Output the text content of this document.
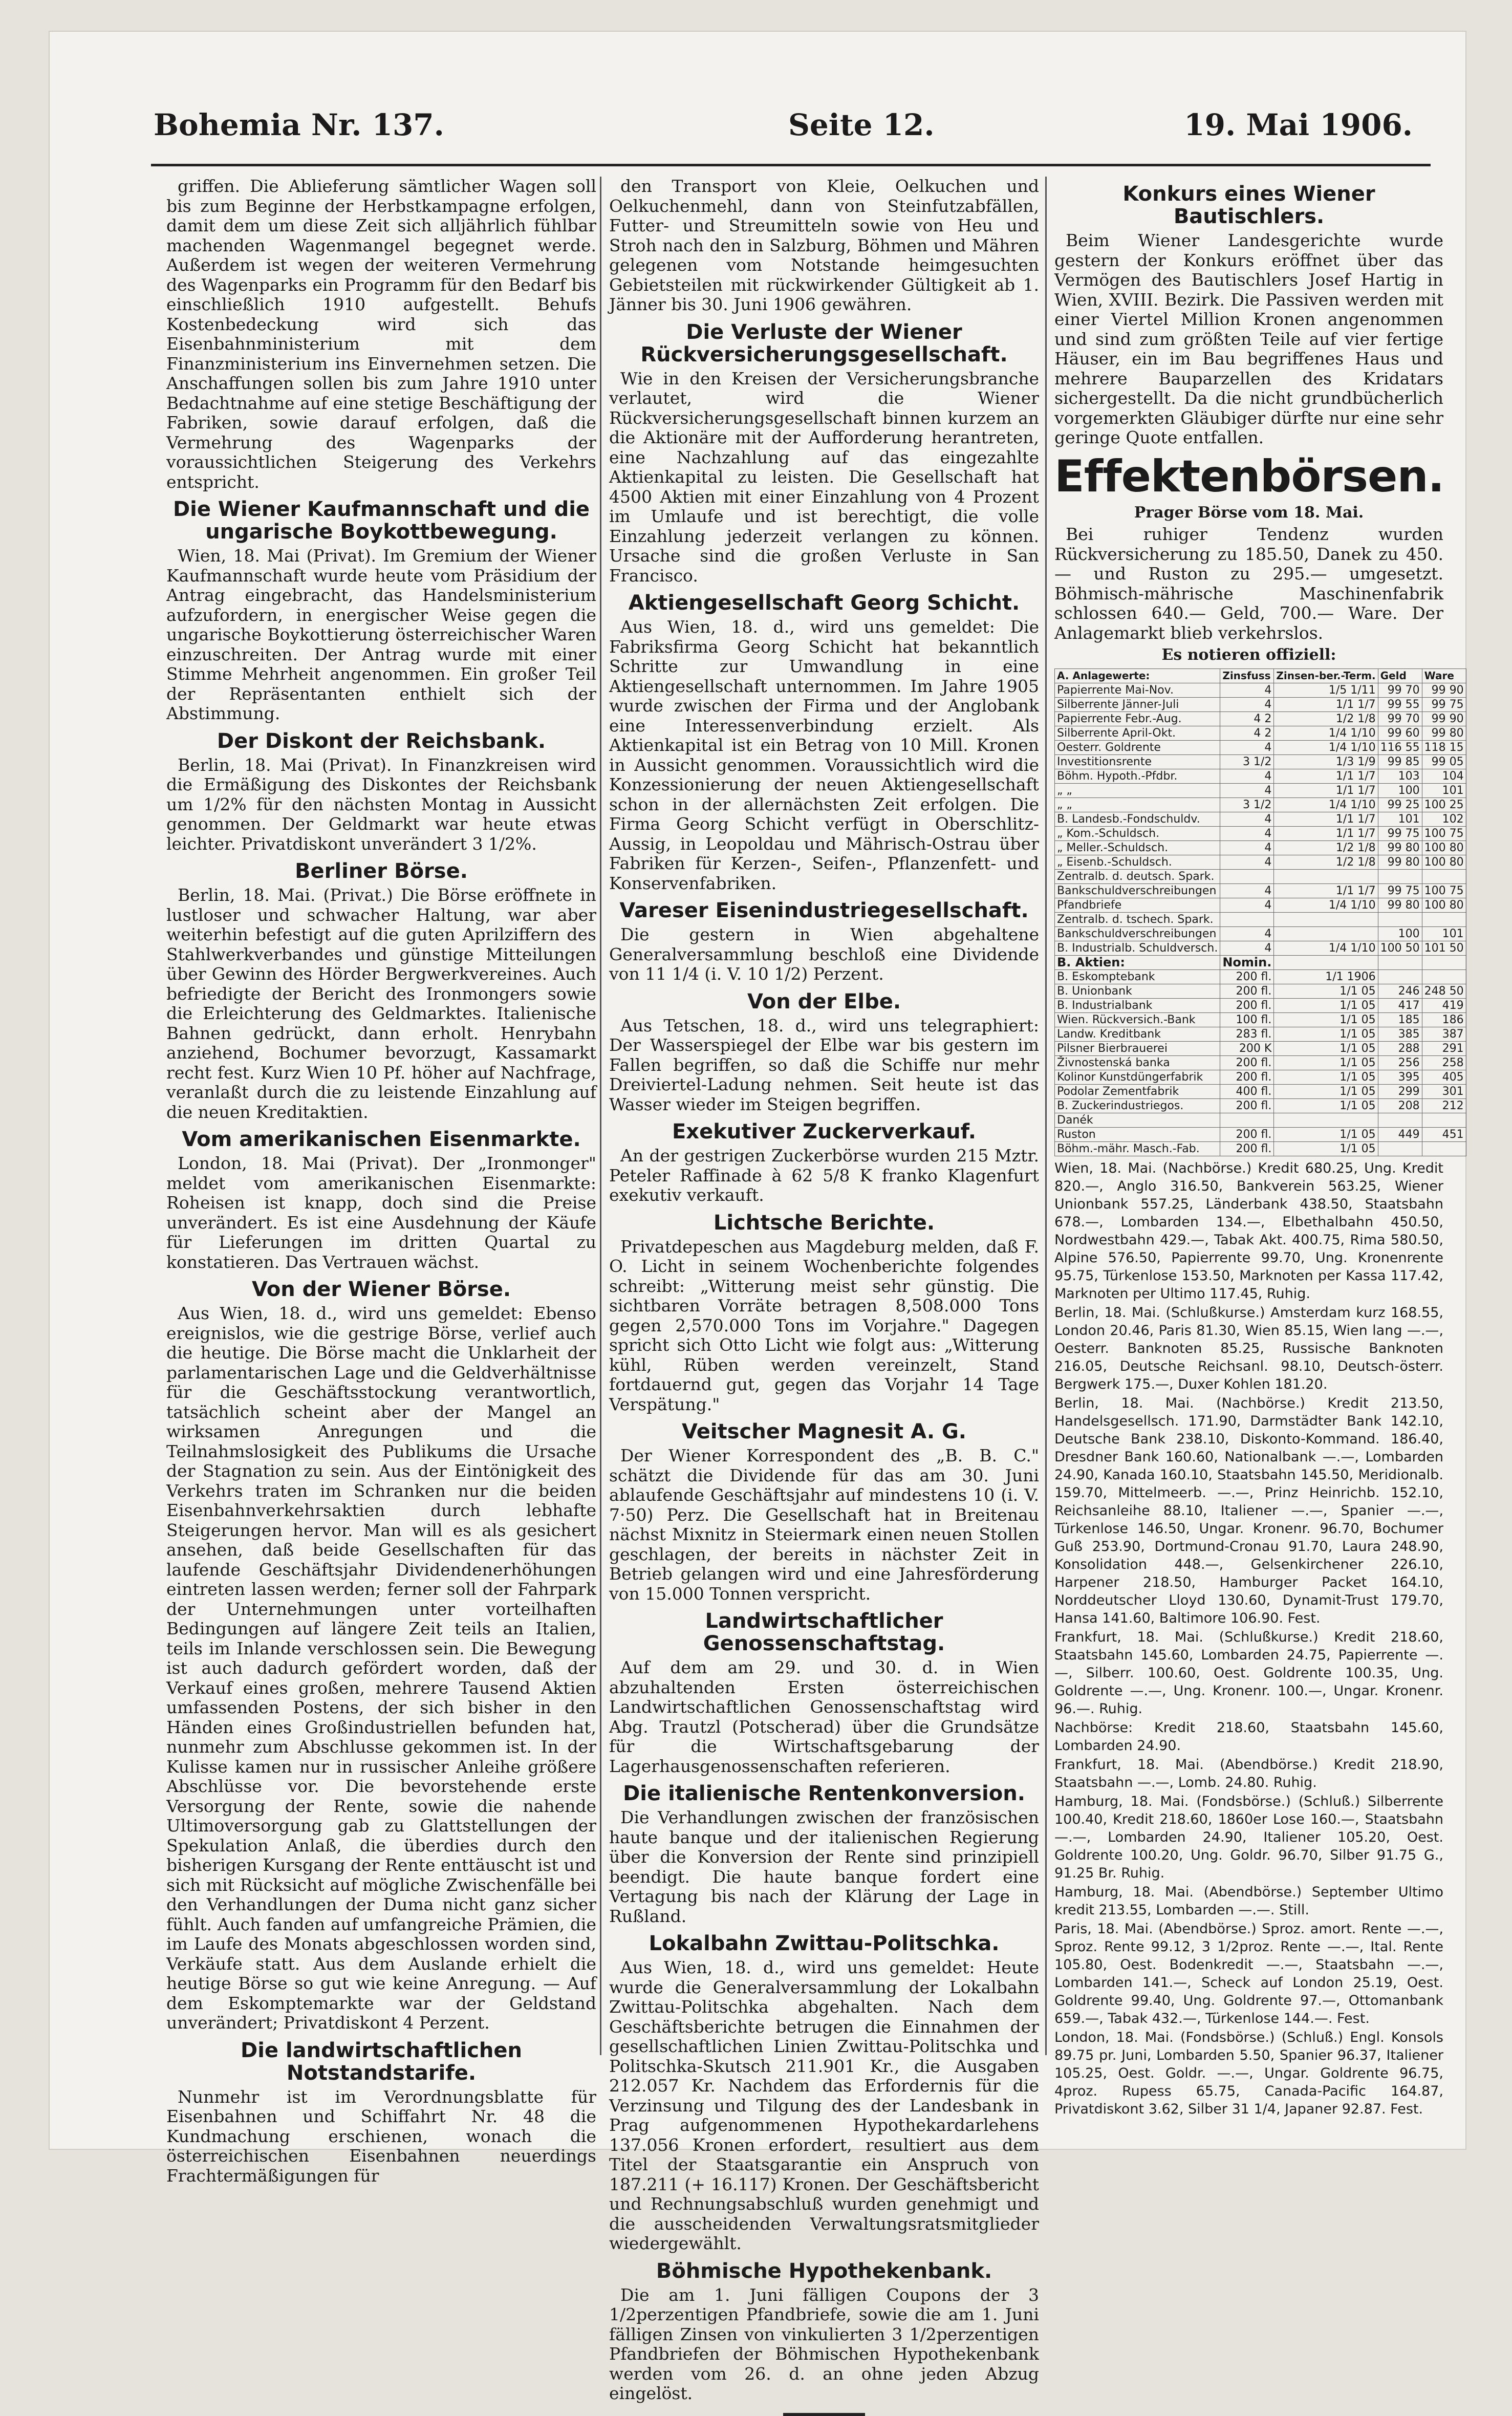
Bohemia Nr. 137.	Seite 12.	19. Mai 1906.

griffen. Die Ablieferung sämtlicher Wagen soll bis zum Beginne der Herbstkampagne erfolgen, damit dem um diese Zeit sich alljährlich fühlbar machenden Wagenmangel begegnet werde. Außerdem ist wegen der weiteren Vermehrung des Wagenparks ein Programm für den Bedarf bis einschließlich 1910 aufgestellt. Behufs Kostenbedeckung wird sich das Eisenbahnministerium mit dem Finanzministerium ins Einvernehmen setzen. Die Anschaffungen sollen bis zum Jahre 1910 unter Bedachtnahme auf eine stetige Beschäftigung der Fabriken, sowie darauf erfolgen, daß die Vermehrung des Wagenparks der voraussichtlichen Steigerung des Verkehrs entspricht.

Die Wiener Kaufmannschaft und die ungarische Boykottbewegung.

Wien, 18. Mai (Privat). Im Gremium der Wiener Kaufmannschaft wurde heute vom Präsidium der Antrag eingebracht, das Handelsministerium aufzufordern, in energischer Weise gegen die ungarische Boykottierung österreichischer Waren einzuschreiten. Der Antrag wurde mit einer Stimme Mehrheit angenommen. Ein großer Teil der Repräsentanten enthielt sich der Abstimmung.

Der Diskont der Reichsbank.

Berlin, 18. Mai (Privat). In Finanzkreisen wird die Ermäßigung des Diskontes der Reichsbank um 1/2% für den nächsten Montag in Aussicht genommen. Der Geldmarkt war heute etwas leichter. Privatdiskont unverändert 3 1/2%.

Berliner Börse.

Berlin, 18. Mai. (Privat.) Die Börse eröffnete in lustloser und schwacher Haltung, war aber weiterhin befestigt auf die guten Aprilziffern des Stahlwerkverbandes und günstige Mitteilungen über Gewinn des Hörder Bergwerkvereines. Auch befriedigte der Bericht des Ironmongers sowie die Erleichterung des Geldmarktes. Italienische Bahnen gedrückt, dann erholt. Henrybahn anziehend, Bochumer bevorzugt, Kassamarkt recht fest. Kurz Wien 10 Pf. höher auf Nachfrage, veranlaßt durch die zu leistende Einzahlung auf die neuen Kreditaktien.

Vom amerikanischen Eisenmarkte.

London, 18. Mai (Privat). Der „Ironmonger" meldet vom amerikanischen Eisenmarkte: Roheisen ist knapp, doch sind die Preise unverändert. Es ist eine Ausdehnung der Käufe für Lieferungen im dritten Quartal zu konstatieren. Das Vertrauen wächst.

Von der Wiener Börse.

Aus Wien, 18. d., wird uns gemeldet: Ebenso ereignislos, wie die gestrige Börse, verlief auch die heutige. Die Börse macht die Unklarheit der parlamentarischen Lage und die Geldverhältnisse für die Geschäftsstockung verantwortlich, tatsächlich scheint aber der Mangel an wirksamen Anregungen und die Teilnahmslosigkeit des Publikums die Ursache der Stagnation zu sein. Aus der Eintönigkeit des Verkehrs traten im Schranken nur die beiden Eisenbahnverkehrsaktien durch lebhafte Steigerungen hervor. Man will es als gesichert ansehen, daß beide Gesellschaften für das laufende Geschäftsjahr Dividendenerhöhungen eintreten lassen werden; ferner soll der Fahrpark der Unternehmungen unter vorteilhaften Bedingungen auf längere Zeit teils an Italien, teils im Inlande verschlossen sein. Die Bewegung ist auch dadurch gefördert worden, daß der Verkauf eines großen, mehrere Tausend Aktien umfassenden Postens, der sich bisher in den Händen eines Großindustriellen befunden hat, nunmehr zum Abschlusse gekommen ist. In der Kulisse kamen nur in russischer Anleihe größere Abschlüsse vor. Die bevorstehende erste Versorgung der Rente, sowie die nahende Ultimoversorgung gab zu Glattstellungen der Spekulation Anlaß, die überdies durch den bisherigen Kursgang der Rente enttäuscht ist und sich mit Rücksicht auf mögliche Zwischenfälle bei den Verhandlungen der Duma nicht ganz sicher fühlt. Auch fanden auf umfangreiche Prämien, die im Laufe des Monats abgeschlossen worden sind, Verkäufe statt. Aus dem Auslande erhielt die heutige Börse so gut wie keine Anregung. — Auf dem Eskomptemarkte war der Geldstand unverändert; Privatdiskont 4 Perzent.

Die landwirtschaftlichen Notstandstarife.

Nunmehr ist im Verordnungsblatte für Eisenbahnen und Schiffahrt Nr. 48 die Kundmachung erschienen, wonach die österreichischen Eisenbahnen neuerdings Frachtermäßigungen für

den Transport von Kleie, Oelkuchen und Oelkuchenmehl, dann von Steinfutzabfällen, Futter- und Streumitteln sowie von Heu und Stroh nach den in Salzburg, Böhmen und Mähren gelegenen vom Notstande heimgesuchten Gebietsteilen mit rückwirkender Gültigkeit ab 1. Jänner bis 30. Juni 1906 gewähren.

Die Verluste der Wiener Rückversicherungsgesellschaft.

Wie in den Kreisen der Versicherungsbranche verlautet, wird die Wiener Rückversicherungsgesellschaft binnen kurzem an die Aktionäre mit der Aufforderung herantreten, eine Nachzahlung auf das eingezahlte Aktienkapital zu leisten. Die Gesellschaft hat 4500 Aktien mit einer Einzahlung von 4 Prozent im Umlaufe und ist berechtigt, die volle Einzahlung jederzeit verlangen zu können. Ursache sind die großen Verluste in San Francisco.

Aktiengesellschaft Georg Schicht.

Aus Wien, 18. d., wird uns gemeldet: Die Fabriksfirma Georg Schicht hat bekanntlich Schritte zur Umwandlung in eine Aktiengesellschaft unternommen. Im Jahre 1905 wurde zwischen der Firma und der Anglobank eine Interessenverbindung erzielt. Als Aktienkapital ist ein Betrag von 10 Mill. Kronen in Aussicht genommen. Voraussichtlich wird die Konzessionierung der neuen Aktiengesellschaft schon in der allernächsten Zeit erfolgen. Die Firma Georg Schicht verfügt in Oberschlitz-Aussig, in Leopoldau und Mährisch-Ostrau über Fabriken für Kerzen-, Seifen-, Pflanzenfett- und Konservenfabriken.

Vareser Eisenindustriegesellschaft.

Die gestern in Wien abgehaltene Generalversammlung beschloß eine Dividende von 11 1/4 (i. V. 10 1/2) Perzent.

Von der Elbe.

Aus Tetschen, 18. d., wird uns telegraphiert: Der Wasserspiegel der Elbe war bis gestern im Fallen begriffen, so daß die Schiffe nur mehr Dreiviertel-Ladung nehmen. Seit heute ist das Wasser wieder im Steigen begriffen.

Exekutiver Zuckerverkauf.

An der gestrigen Zuckerbörse wurden 215 Mztr. Peteler Raffinade à 62 5/8 K franko Klagenfurt exekutiv verkauft.

Lichtsche Berichte.

Privatdepeschen aus Magdeburg melden, daß F. O. Licht in seinem Wochenberichte folgendes schreibt: „Witterung meist sehr günstig. Die sichtbaren Vorräte betragen 8,508.000 Tons gegen 2,570.000 Tons im Vorjahre." Dagegen spricht sich Otto Licht wie folgt aus: „Witterung kühl, Rüben werden vereinzelt, Stand fortdauernd gut, gegen das Vorjahr 14 Tage Verspätung."

Veitscher Magnesit A. G.

Der Wiener Korrespondent des „B. B. C." schätzt die Dividende für das am 30. Juni ablaufende Geschäftsjahr auf mindestens 10 (i. V. 7·50) Perz. Die Gesellschaft hat in Breitenau nächst Mixnitz in Steiermark einen neuen Stollen geschlagen, der bereits in nächster Zeit in Betrieb gelangen wird und eine Jahresförderung von 15.000 Tonnen verspricht.

Landwirtschaftlicher Genossenschaftstag.

Auf dem am 29. und 30. d. in Wien abzuhaltenden Ersten österreichischen Landwirtschaftlichen Genossenschaftstag wird Abg. Trautzl (Potscherad) über die Grundsätze für die Wirtschaftsgebarung der Lagerhausgenossenschaften referieren.

Die italienische Rentenkonversion.

Die Verhandlungen zwischen der französischen haute banque und der italienischen Regierung über die Konversion der Rente sind prinzipiell beendigt. Die haute banque fordert eine Vertagung bis nach der Klärung der Lage in Rußland.

Lokalbahn Zwittau-Politschka.

Aus Wien, 18. d., wird uns gemeldet: Heute wurde die Generalversammlung der Lokalbahn Zwittau-Politschka abgehalten. Nach dem Geschäftsberichte betrugen die Einnahmen der gesellschaftlichen Linien Zwittau-Politschka und Politschka-Skutsch 211.901 Kr., die Ausgaben 212.057 Kr. Nachdem das Erfordernis für die Verzinsung und Tilgung des der Landesbank in Prag aufgenommenen Hypothekardarlehens 137.056 Kronen erfordert, resultiert aus dem Titel der Staatsgarantie ein Anspruch von 187.211 (+ 16.117) Kronen. Der Geschäftsbericht und Rechnungsabschluß wurden genehmigt und die ausscheidenden Verwaltungsratsmitglieder wiedergewählt.

Böhmische Hypothekenbank.

Die am 1. Juni fälligen Coupons der 3 1/2perzentigen Pfandbriefe, sowie die am 1. Juni fälligen Zinsen von vinkulierten 3 1/2perzentigen Pfandbriefen der Böhmischen Hypothekenbank werden vom 26. d. an ohne jeden Abzug eingelöst.

Konkurs eines Wiener Bautischlers.

Beim Wiener Landesgerichte wurde gestern der Konkurs eröffnet über das Vermögen des Bautischlers Josef Hartig in Wien, XVIII. Bezirk. Die Passiven werden mit einer Viertel Million Kronen angenommen und sind zum größten Teile auf vier fertige Häuser, ein im Bau begriffenes Haus und mehrere Bauparzellen des Kridatars sichergestellt. Da die nicht grundbücherlich vorgemerkten Gläubiger dürfte nur eine sehr geringe Quote entfallen.

Effektenbörsen.
Prager Börse vom 18. Mai.

Bei ruhiger Tendenz wurden Rückversicherung zu 185.50, Danek zu 450.— und Ruston zu 295.— umgesetzt. Böhmisch-mährische Maschinenfabrik schlossen 640.— Geld, 700.— Ware. Der Anlagemarkt blieb verkehrslos.

Es notieren offiziell:
A. Anlagewerte:	Zinsfuss	Zinsen-ber.-Term.	Geld	Ware
Papierrente Mai-Nov.	4	1/5 1/11	99 70	99 90
Silberrente Jänner-Juli	4	1/1 1/7	99 55	99 75
Papierrente Febr.-Aug.	4 2	1/2 1/8	99 70	99 90
Silberrente April-Okt.	4 2	1/4 1/10	99 60	99 80
Oesterr. Goldrente	4	1/4 1/10	116 55	118 15
Investitionsrente	3 1/2	1/3 1/9	99 85	99 05
Böhm. Hypoth.-Pfdbr.	4	1/1 1/7	103	104
„ „	4	1/1 1/7	100	101
„ „	3 1/2	1/4 1/10	99 25	100 25
B. Landesb.-Fondschuldv.	4	1/1 1/7	101	102
„ Kom.-Schuldsch.	4	1/1 1/7	99 75	100 75
„ Meller.-Schuldsch.	4	1/2 1/8	99 80	100 80
„ Eisenb.-Schuldsch.	4	1/2 1/8	99 80	100 80
Zentralb. d. deutsch. Spark.				
Bankschuldverschreibungen	4	1/1 1/7	99 75	100 75
Pfandbriefe	4	1/4 1/10	99 80	100 80
Zentralb. d. tschech. Spark.				
Bankschuldverschreibungen	4		100	101
B. Industrialb. Schuldversch.	4	1/4 1/10	100 50	101 50
B. Aktien:	Nomin.			
B. Eskomptebank	200 fl.	1/1 1906		
B. Unionbank	200 fl.	1/1 05	246	248 50
B. Industrialbank	200 fl.	1/1 05	417	419
Wien. Rückversich.-Bank	100 fl.	1/1 05	185	186
Landw. Kreditbank	283 fl.	1/1 05	385	387
Pilsner Bierbrauerei	200 K	1/1 05	288	291
Živnostenská banka	200 fl.	1/1 05	256	258
Kolinor Kunstdüngerfabrik	200 fl.	1/1 05	395	405
Podolar Zementfabrik	400 fl.	1/1 05	299	301
B. Zuckerindustriegos.	200 fl.	1/1 05	208	212
Danék				
Ruston	200 fl.	1/1 05	449	451
Böhm.-mähr. Masch.-Fab.	200 fl.	1/1 05		

Wien, 18. Mai. (Nachbörse.) Kredit 680.25, Ung. Kredit 820.—, Anglo 316.50, Bankverein 563.25, Wiener Unionbank 557.25, Länderbank 438.50, Staatsbahn 678.—, Lombarden 134.—, Elbethalbahn 450.50, Nordwestbahn 429.—, Tabak Akt. 400.75, Rima 580.50, Alpine 576.50, Papierrente 99.70, Ung. Kronenrente 95.75, Türkenlose 153.50, Marknoten per Kassa 117.42, Marknoten per Ultimo 117.45, Ruhig.

Berlin, 18. Mai. (Schlußkurse.) Amsterdam kurz 168.55, London 20.46, Paris 81.30, Wien 85.15, Wien lang —.—, Oesterr. Banknoten 85.25, Russische Banknoten 216.05, Deutsche Reichsanl. 98.10, Deutsch-österr. Bergwerk 175.—, Duxer Kohlen 181.20.

Berlin, 18. Mai. (Nachbörse.) Kredit 213.50, Handelsgesellsch. 171.90, Darmstädter Bank 142.10, Deutsche Bank 238.10, Diskonto-Kommand. 186.40, Dresdner Bank 160.60, Nationalbank —.—, Lombarden 24.90, Kanada 160.10, Staatsbahn 145.50, Meridionalb. 159.70, Mittelmeerb. —.—, Prinz Heinrichb. 152.10, Reichsanleihe 88.10, Italiener —.—, Spanier —.—, Türkenlose 146.50, Ungar. Kronenr. 96.70, Bochumer Guß 253.90, Dortmund-Cronau 91.70, Laura 248.90, Konsolidation 448.—, Gelsenkirchener 226.10, Harpener 218.50, Hamburger Packet 164.10, Norddeutscher Lloyd 130.60, Dynamit-Trust 179.70, Hansa 141.60, Baltimore 106.90. Fest.

Frankfurt, 18. Mai. (Schlußkurse.) Kredit 218.60, Staatsbahn 145.60, Lombarden 24.75, Papierrente —.—, Silberr. 100.60, Oest. Goldrente 100.35, Ung. Goldrente —.—, Ung. Kronenr. 100.—, Ungar. Kronenr. 96.—. Ruhig.

Nachbörse: Kredit 218.60, Staatsbahn 145.60, Lombarden 24.90.

Frankfurt, 18. Mai. (Abendbörse.) Kredit 218.90, Staatsbahn —.—, Lomb. 24.80. Ruhig.

Hamburg, 18. Mai. (Fondsbörse.) (Schluß.) Silberrente 100.40, Kredit 218.60, 1860er Lose 160.—, Staatsbahn —.—, Lombarden 24.90, Italiener 105.20, Oest. Goldrente 100.20, Ung. Goldr. 96.70, Silber 91.75 G., 91.25 Br. Ruhig.

Hamburg, 18. Mai. (Abendbörse.) September Ultimo kredit 213.55, Lombarden —.—. Still.

Paris, 18. Mai. (Abendbörse.) Sproz. amort. Rente —.—, Sproz. Rente 99.12, 3 1/2proz. Rente —.—, Ital. Rente 105.80, Oest. Bodenkredit —.—, Staatsbahn —.—, Lombarden 141.—, Scheck auf London 25.19, Oest. Goldrente 99.40, Ung. Goldrente 97.—, Ottomanbank 659.—, Tabak 432.—, Türkenlose 144.—. Fest.

London, 18. Mai. (Fondsbörse.) (Schluß.) Engl. Konsols 89.75 pr. Juni, Lombarden 5.50, Spanier 96.37, Italiener 105.25, Oest. Goldr. —.—, Ungar. Goldrente 96.75, 4proz. Rupess 65.75, Canada-Pacific 164.87, Privatdiskont 3.62, Silber 31 1/4, Japaner 92.87. Fest.
